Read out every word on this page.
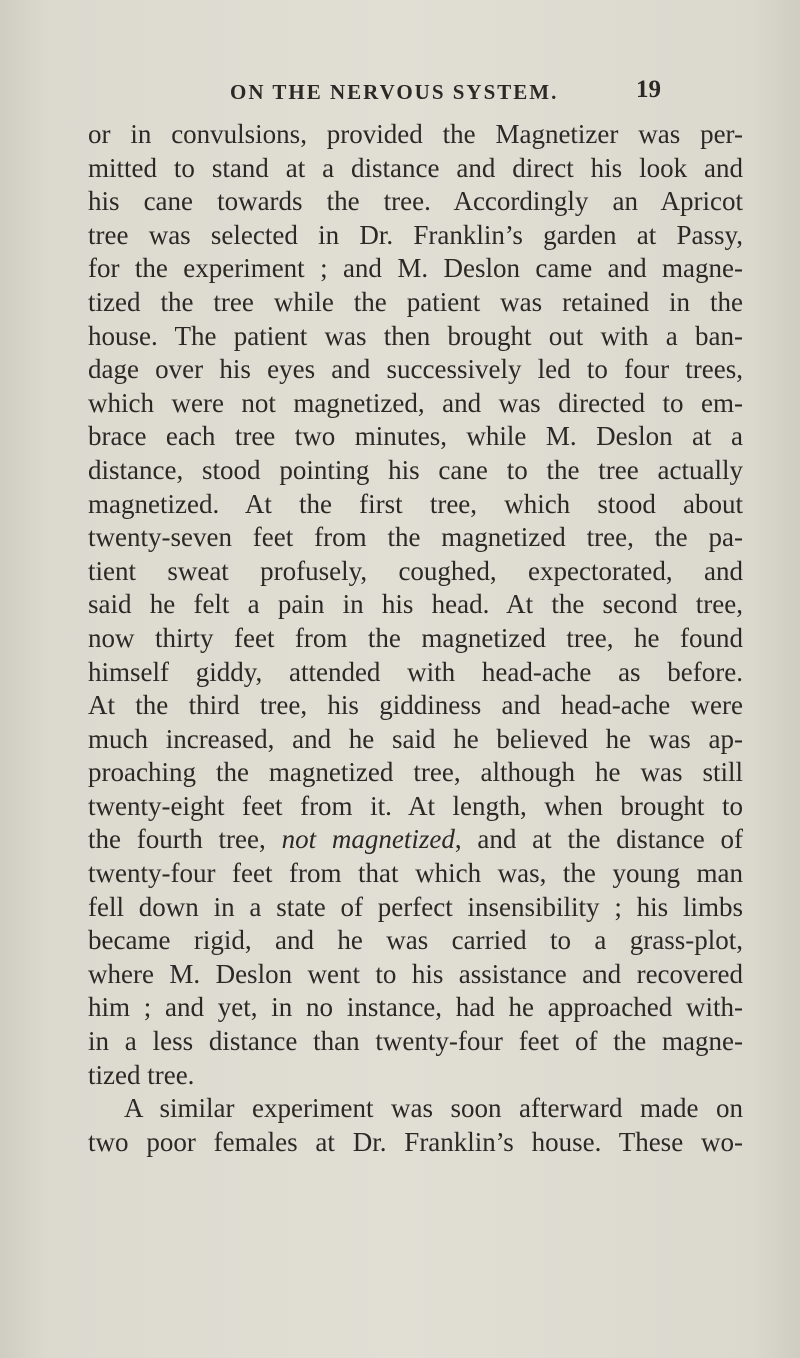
ON THE NERVOUS SYSTEM.	19
or in convulsions, provided the Magnetizer was per-
mitted to stand at a distance and direct his look and
his cane towards the tree. Accordingly an Apricot
tree was selected in Dr. Franklin’s garden at Passy,
for the experiment ; and M. Deslon came and magne-
tized the tree while the patient was retained in the
house. The patient was then brought out with a ban-
dage over his eyes and successively led to four trees,
which were not magnetized, and was directed to em-
brace each tree two minutes, while M. Deslon at a
distance, stood pointing his cane to the tree actually
magnetized. At the first tree, which stood about
twenty-seven feet from the magnetized tree, the pa-
tient sweat profusely, coughed, expectorated, and
said he felt a pain in his head. At the second tree,
now thirty feet from the magnetized tree, he found
himself giddy, attended with head-ache as before.
At the third tree, his giddiness and head-ache were
much increased, and he said he believed he was ap-
proaching the magnetized tree, although he was still
twenty-eight feet from it. At length, when brought to
the fourth tree, not magnetized, and at the distance of
twenty-four feet from that which was, the young man
fell down in a state of perfect insensibility ; his limbs
became rigid, and he was carried to a grass-plot,
where M. Deslon went to his assistance and recovered
him ; and yet, in no instance, had he approached with-
in a less distance than twenty-four feet of the magne-
tized tree.
A similar experiment was soon afterward made on
two poor females at Dr. Franklin’s house. These wo-
